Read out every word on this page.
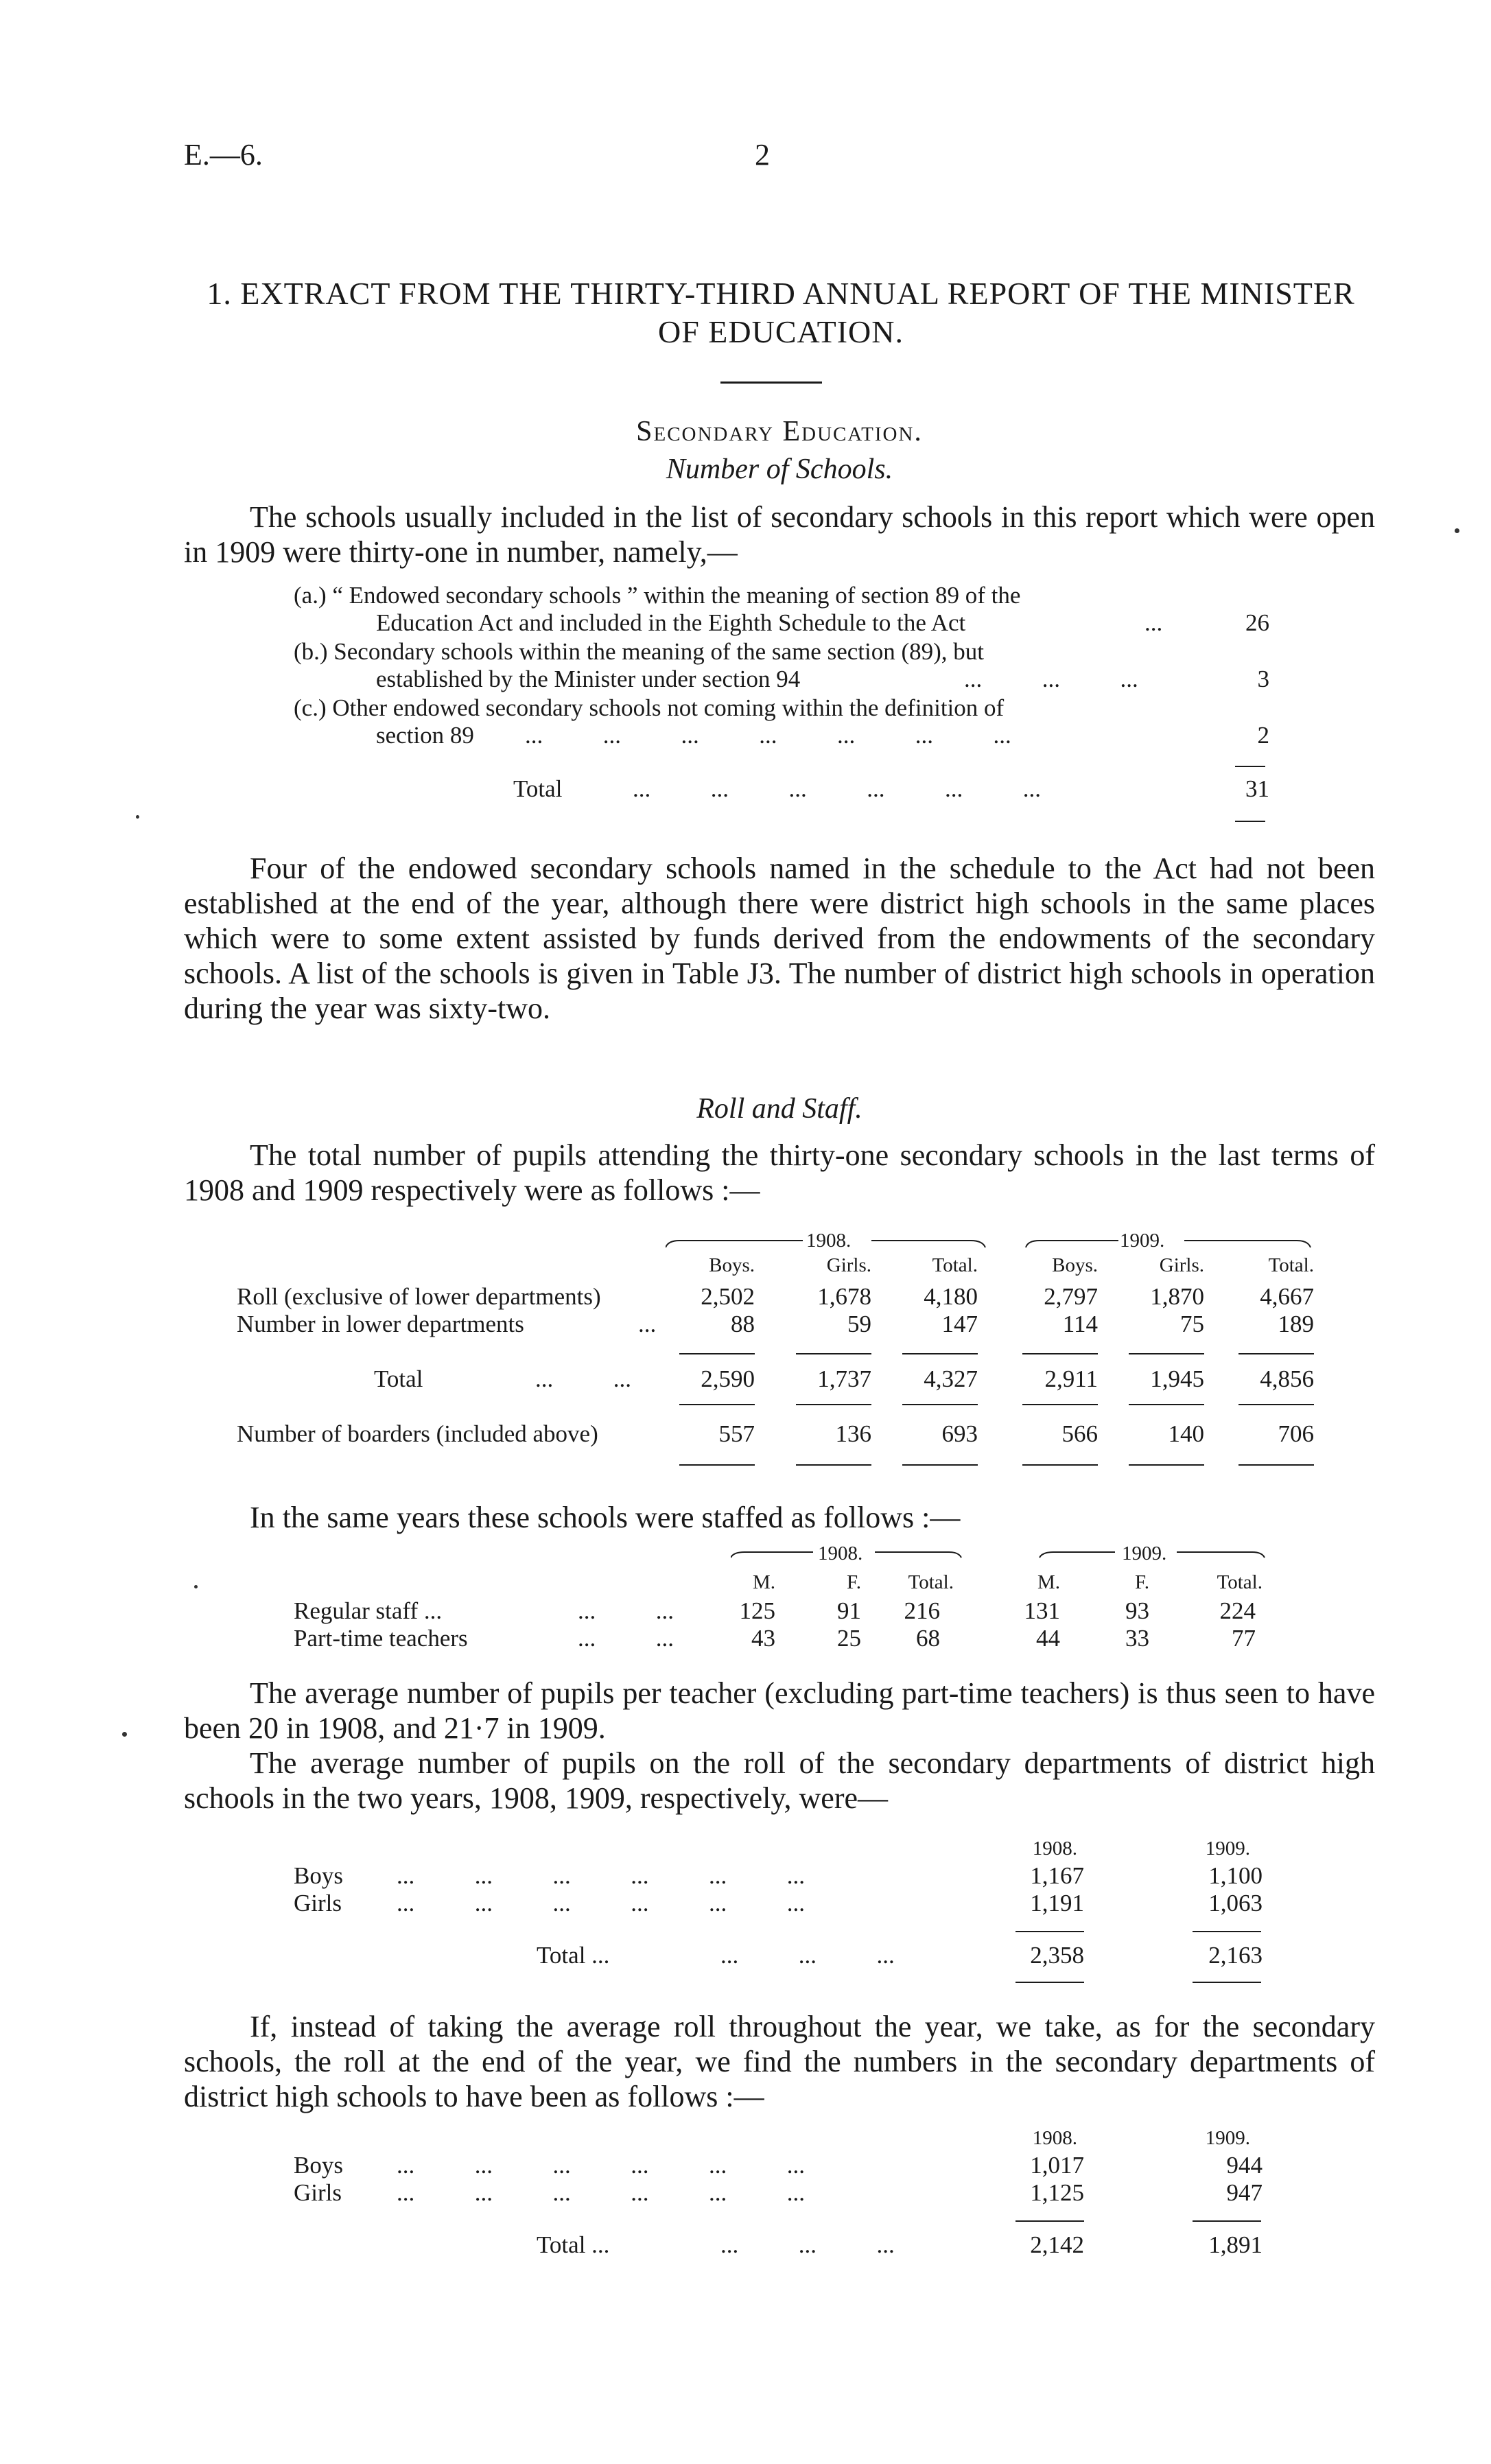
E.—6.	2
1. EXTRACT FROM THE THIRTY-THIRD ANNUAL REPORT OF THE MINISTER OF EDUCATION.
Secondary Education.
Number of Schools.
The schools usually included in the list of secondary schools in this report which were open in 1909 were thirty-one in number, namely,—
(a.) “ Endowed secondary schools ” within the meaning of section 89 of the
Education Act and included in the Eighth Schedule to the Act	...	26
(b.) Secondary schools within the meaning of the same section (89), but
established by the Minister under section 94	...          ...          ...	3
(c.) Other endowed secondary schools not coming within the definition of
section 89 ...          ...          ...          ...          ...          ...          ...	2
Total	...          ...          ...          ...          ...          ...	31
Four of the endowed secondary schools named in the schedule to the Act had not been established at the end of the year, although there were district high schools in the same places which were to some extent assisted by funds derived from the endowments of the secondary schools. A list of the schools is given in Table J3. The number of district high schools in operation during the year was sixty-two.
Roll and Staff.
The total number of pupils attending the thirty-one secondary schools in the last terms of 1908 and 1909 respectively were as follows :—
1908.	1909.
Boys.	Girls.	Total.	Boys.	Girls.	Total.
Roll (exclusive of lower departments)	2,502	1,678	4,180	2,797	1,870	4,667
Number in lower departments	...	88	59	147	114	75	189
Total	...          ...	2,590	1,737	4,327	2,911	1,945	4,856
Number of boarders (included above)	557	136	693	566	140	706
In the same years these schools were staffed as follows :—
1908.	1909.
M.	F.	Total.	M.	F.	Total.
Regular staff ...	...          ...	125	91	216	131	93	224
Part-time teachers	...          ...	43	25	68	44	33	77
The average number of pupils per teacher (excluding part-time teachers) is thus seen to have been 20 in 1908, and 21·7 in 1909.
The average number of pupils on the roll of the secondary departments of district high schools in the two years, 1908, 1909, respectively, were—
1908.	1909.
Boys ...          ...          ...          ...          ...          ...	1,167	1,100
Girls ...          ...          ...          ...          ...          ...	1,191	1,063
Total ...	...          ...          ...	2,358	2,163
If, instead of taking the average roll throughout the year, we take, as for the secondary schools, the roll at the end of the year, we find the numbers in the secondary departments of district high schools to have been as follows :—
1908.	1909.
Boys ...          ...          ...          ...          ...          ...	1,017	944
Girls ...          ...          ...          ...          ...          ...	1,125	947
Total ...	...          ...          ...	2,142	1,891
